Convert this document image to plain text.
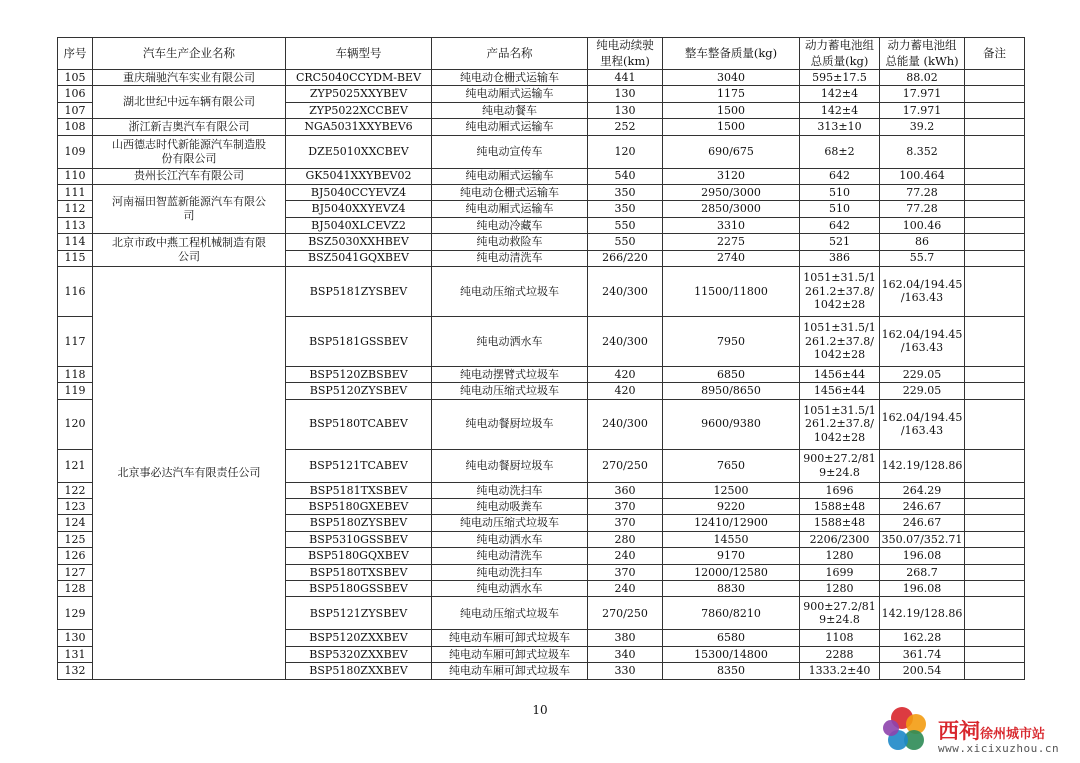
序号	汽车生产企业名称	车辆型号	产品名称	纯电动续驶
里程(km)	整车整备质量(kg)	动力蓄电池组
总质量(kg)	动力蓄电池组
总能量 (kWh)	备注

105	重庆瑞驰汽车实业有限公司	CRC5040CCYDM-BEV	纯电动仓栅式运输车	441	3040	595±17.5	88.02	

106	湖北世纪中远车辆有限公司	ZYP5025XXYBEV	纯电动厢式运输车	130	1175	142±4	17.971	

107		ZYP5022XCCBEV	纯电动餐车	130	1500	142±4	17.971	

108	浙江新吉奥汽车有限公司	NGA5031XXYBEV6	纯电动厢式运输车	252	1500	313±10	39.2	

109	山西德志时代新能源汽车制造股
份有限公司	DZE5010XXCBEV	纯电动宣传车	120	690/675	68±2	8.352	

110	贵州长江汽车有限公司	GK5041XXYBEV02	纯电动厢式运输车	540	3120	642	100.464	

111	河南福田智蓝新能源汽车有限公
司	BJ5040CCYEVZ4	纯电动仓栅式运输车	350	2950/3000	510	77.28	

112		BJ5040XXYEVZ4	纯电动厢式运输车	350	2850/3000	510	77.28	

113		BJ5040XLCEVZ2	纯电动冷藏车	550	3310	642	100.46	

114	北京市政中燕工程机械制造有限
公司	BSZ5030XXHBEV	纯电动救险车	550	2275	521	86	

115		BSZ5041GQXBEV	纯电动清洗车	266/220	2740	386	55.7	

116	北京事必达汽车有限责任公司	BSP5181ZYSBEV	纯电动压缩式垃圾车	240/300	11500/11800	1051±31.5/1
261.2±37.8/
1042±28	162.04/194.45
/163.43	

117		BSP5181GSSBEV	纯电动洒水车	240/300	7950	1051±31.5/1
261.2±37.8/
1042±28	162.04/194.45
/163.43	

118		BSP5120ZBSBEV	纯电动摆臂式垃圾车	420	6850	1456±44	229.05	

119		BSP5120ZYSBEV	纯电动压缩式垃圾车	420	8950/8650	1456±44	229.05	

120		BSP5180TCABEV	纯电动餐厨垃圾车	240/300	9600/9380	1051±31.5/1
261.2±37.8/
1042±28	162.04/194.45
/163.43	

121		BSP5121TCABEV	纯电动餐厨垃圾车	270/250	7650	900±27.2/81
9±24.8	142.19/128.86	

122		BSP5181TXSBEV	纯电动洗扫车	360	12500	1696	264.29	

123		BSP5180GXEBEV	纯电动吸粪车	370	9220	1588±48	246.67	

124		BSP5180ZYSBEV	纯电动压缩式垃圾车	370	12410/12900	1588±48	246.67	

125		BSP5310GSSBEV	纯电动洒水车	280	14550	2206/2300	350.07/352.71	

126		BSP5180GQXBEV	纯电动清洗车	240	9170	1280	196.08	

127		BSP5180TXSBEV	纯电动洗扫车	370	12000/12580	1699	268.7	

128		BSP5180GSSBEV	纯电动洒水车	240	8830	1280	196.08	

129		BSP5121ZYSBEV	纯电动压缩式垃圾车	270/250	7860/8210	900±27.2/81
9±24.8	142.19/128.86	

130		BSP5120ZXXBEV	纯电动车厢可卸式垃圾车	380	6580	1108	162.28	

131		BSP5320ZXXBEV	纯电动车厢可卸式垃圾车	340	15300/14800	2288	361.74	

132		BSP5180ZXXBEV	纯电动车厢可卸式垃圾车	330	8350	1333.2±40	200.54	

10
西祠徐州城市站
www.xicixuzhou.cn
